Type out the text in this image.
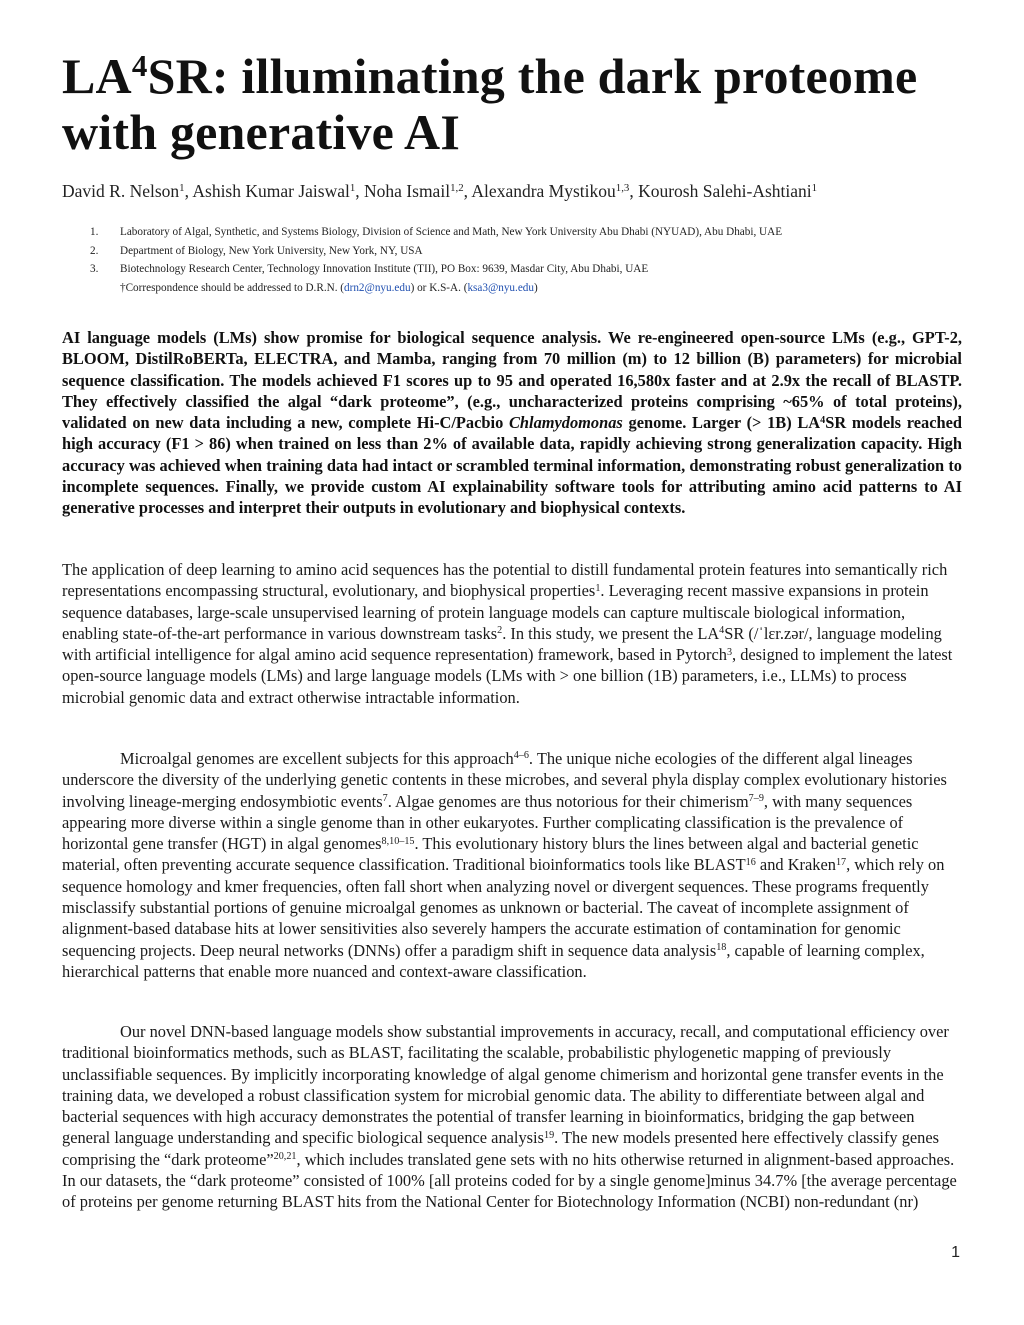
$LA^4SR$: illuminating the dark proteome with generative AI

David R. Nelson$^1$, Ashish Kumar Jaiswal$^1$, Noha Ismail$^{1,2}$, Alexandra Mystikou$^{1,3}$, Kourosh Salehi-Ashtiani$^1$

1. Laboratory of Algal, Synthetic, and Systems Biology, Division of Science and Math, New York University Abu Dhabi (NYUAD), Abu Dhabi, UAE
2. Department of Biology, New York University, New York, NY, USA
3. Biotechnology Research Center, Technology Innovation Institute (TII), PO Box: 9639, Masdar City, Abu Dhabi, UAE
†Correspondence should be addressed to D.R.N. (drn2@nyu.edu) or K.S-A. (ksa3@nyu.edu)

AI language models (LMs) show promise for biological sequence analysis. We re-engineered open-source LMs (e.g., GPT-2, BLOOM, DistilRoBERTa, ELECTRA, and Mamba, ranging from 70 million (m) to 12 billion (B) parameters) for microbial sequence classification. The models achieved F1 scores up to 95 and operated 16,580x faster and at 2.9x the recall of BLASTP. They effectively classified the algal “dark proteome”, (e.g., uncharacterized proteins comprising ~65% of total proteins), validated on new data including a new, complete Hi-C/Pacbio Chlamydomonas genome. Larger (> 1B) $LA^4SR$ models reached high accuracy (F1 > 86) when trained on less than 2% of available data, rapidly achieving strong generalization capacity. High accuracy was achieved when training data had intact or scrambled terminal information, demonstrating robust generalization to incomplete sequences. Finally, we provide custom AI explainability software tools for attributing amino acid patterns to AI generative processes and interpret their outputs in evolutionary and biophysical contexts.

The application of deep learning to amino acid sequences has the potential to distill fundamental protein features into semantically rich representations encompassing structural, evolutionary, and biophysical properties$^1$. Leveraging recent massive expansions in protein sequence databases, large-scale unsupervised learning of protein language models can capture multiscale biological information, enabling state-of-the-art performance in various downstream tasks$^2$. In this study, we present the $LA^4SR$ (/ˈlɛr.zər/, language modeling with artificial intelligence for algal amino acid sequence representation) framework, based in Pytorch$^3$, designed to implement the latest open-source language models (LMs) and large language models (LMs with > one billion (1B) parameters, i.e., LLMs) to process microbial genomic data and extract otherwise intractable information.

Microalgal genomes are excellent subjects for this approach$^{4-6}$. The unique niche ecologies of the different algal lineages underscore the diversity of the underlying genetic contents in these microbes, and several phyla display complex evolutionary histories involving lineage-merging endosymbiotic events$^7$. Algae genomes are thus notorious for their chimerism$^{7-9}$, with many sequences appearing more diverse within a single genome than in other eukaryotes. Further complicating classification is the prevalence of horizontal gene transfer (HGT) in algal genomes$^{8,10-15}$. This evolutionary history blurs the lines between algal and bacterial genetic material, often preventing accurate sequence classification. Traditional bioinformatics tools like BLAST$^{16}$ and Kraken$^{17}$, which rely on sequence homology and kmer frequencies, often fall short when analyzing novel or divergent sequences. These programs frequently misclassify substantial portions of genuine microalgal genomes as unknown or bacterial. The caveat of incomplete assignment of alignment-based database hits at lower sensitivities also severely hampers the accurate estimation of contamination for genomic sequencing projects. Deep neural networks (DNNs) offer a paradigm shift in sequence data analysis$^{18}$, capable of learning complex, hierarchical patterns that enable more nuanced and context-aware classification.

Our novel DNN-based language models show substantial improvements in accuracy, recall, and computational efficiency over traditional bioinformatics methods, such as BLAST, facilitating the scalable, probabilistic phylogenetic mapping of previously unclassifiable sequences. By implicitly incorporating knowledge of algal genome chimerism and horizontal gene transfer events in the training data, we developed a robust classification system for microbial genomic data. The ability to differentiate between algal and bacterial sequences with high accuracy demonstrates the potential of transfer learning in bioinformatics, bridging the gap between general language understanding and specific biological sequence analysis$^{19}$. The new models presented here effectively classify genes comprising the “dark proteome”$^{20,21}$, which includes translated gene sets with no hits otherwise returned in alignment-based approaches. In our datasets, the “dark proteome” consisted of 100% [all proteins coded for by a single genome]minus 34.7% [the average percentage of proteins per genome returning BLAST hits from the National Center for Biotechnology Information (NCBI) non-redundant (nr)

1
